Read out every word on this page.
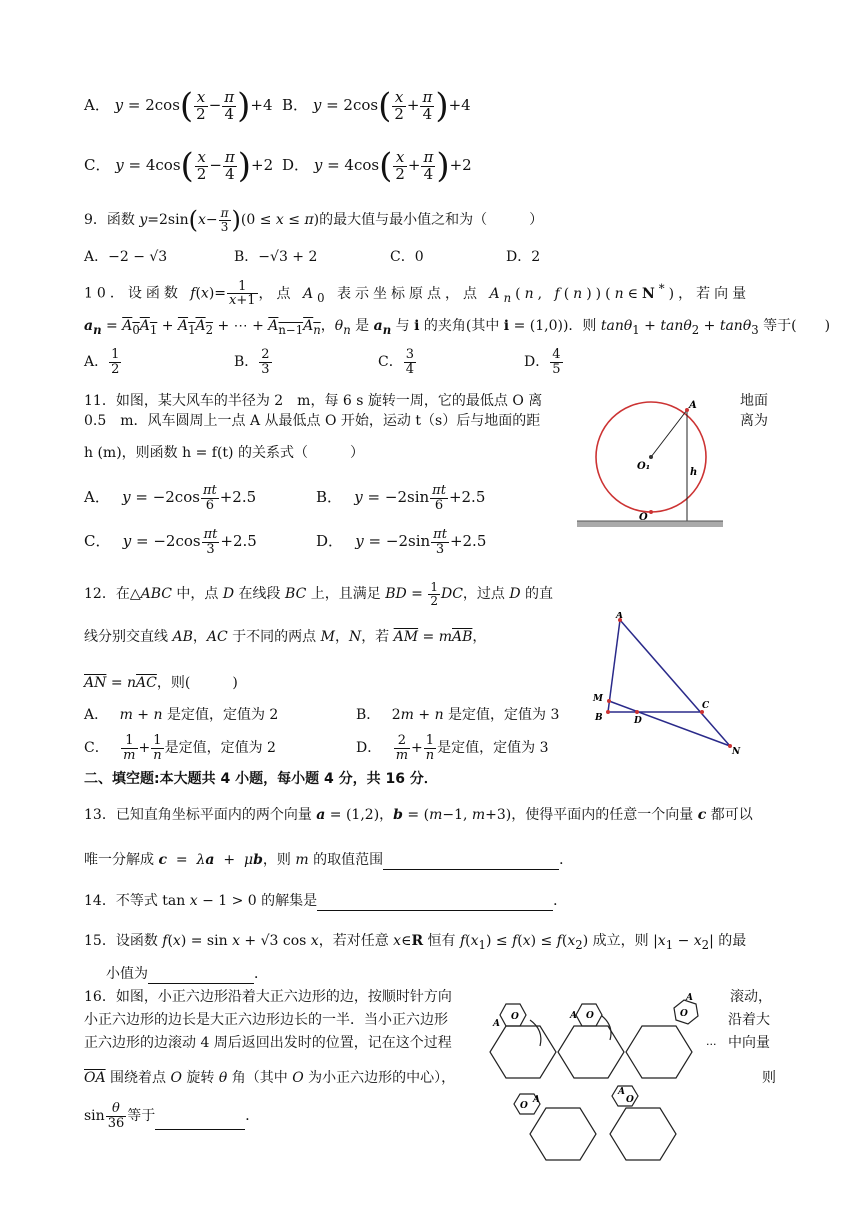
A． $y = 2\cos( \frac{x}{2} - \frac{\pi}{4} )+4$ B． $y = 2\cos( \frac{x}{2} + \frac{\pi}{4} )+4$
C． $y = 4\cos( \frac{x}{2} - \frac{\pi}{4} )+2$ D． $y = 4\cos( \frac{x}{2} + \frac{\pi}{4} )+2$
9．函数 $y=2\sin(x- \frac{\pi}{3} )(0 \le x \le \pi)$的最大值与最小值之和为（　　　）
A．−2 − √3	B．−√3 + 2	C．0	D．2
10．设函数 $f(x)= \frac{1}{x+1}$ ，点 $A_0$ 表示坐标原点，点 $A_n(n$, f(n))(n∈N*)，若向量
$a_n = A_0A_1 + A_1A_2$ + ⋯ + $A_{n-1}A_n$，$\theta_n$ 是 $a_n$ 与 i 的夹角(其中 i = (1,0))．则 tanθ$_1$ + tanθ$_2$ + tanθ$_3$ 等于(　　)
A． $\frac{1}{2}$	B． $\frac{2}{3}$	C． $\frac{3}{4}$	D． $\frac{4}{5}$
11．如图，某大风车的半径为 2　m，每 6 s 旋转一周，它的最低点 O 离	地面
0.5　m．风车圆周上一点 A 从最低点 O 开始，运动 t（s）后与地面的距	离为
h (m)，则函数 h = f(t) 的关系式（　　　）
A．　 $y = -2\cos \frac{\pi t}{6} +2.5$	B．　 $y = -2\sin \frac{\pi t}{6} +2.5$
C．　 $y = -2\cos \frac{\pi t}{3} +2.5$	D．　 $y = -2\sin \frac{\pi t}{3} +2.5$
A
O₁
h
O
12．在△ABC 中，点 D 在线段 BC 上，且满足 BD = $\frac{1}{2}$ DC，过点 D 的直
线分别交直线 AB，AC 于不同的两点 M，N，若 $\overline{AM} = m\overline{AB}$，
$\overline{AN} = n\overline{AC}$，则(　　　)
A．　 m + n 是定值，定值为 2	B．　 2m + n 是定值，定值为 3
C．　 $\frac{1}{m} + \frac{1}{n}$ 是定值，定值为 2	D．　 $\frac{2}{m} + \frac{1}{n}$ 是定值，定值为 3
A
M
B	D
C
N
二、填空题:本大题共 4 小题，每小题 4 分，共 16 分．
13．已知直角坐标平面内的两个向量 a = (1,2)，b = (m−1, m+3)，使得平面内的任意一个向量 c 都可以
唯一分解成 c  =  λa  +  μb，则 m 的取值范围	．
14．不等式 tan x − 1 > 0 的解集是	．
15．设函数 f(x) = sin x + √3 cos x，若对任意 x∈R 恒有 $f(x_1) \le f(x) \le f(x_2)$ 成立，则 $|x_1 - x_2|$ 的最
小值为	．
16．如图，小正六边形沿着大正六边形的边，按顺时针方向	滚动，
小正六边形的边长是大正六边形边长的一半．当小正六边形	沿着大
正六边形的边滚动 4 周后返回出发时的位置，记在这个过程	中向量
$\overline{OA}$ 围绕着点 O 旋转 θ 角（其中 O 为小正六边形的中心），	则
$\sin \frac{\theta}{36}$ 等于	．
A
O	A O
A
O
···
O
A
A
O
